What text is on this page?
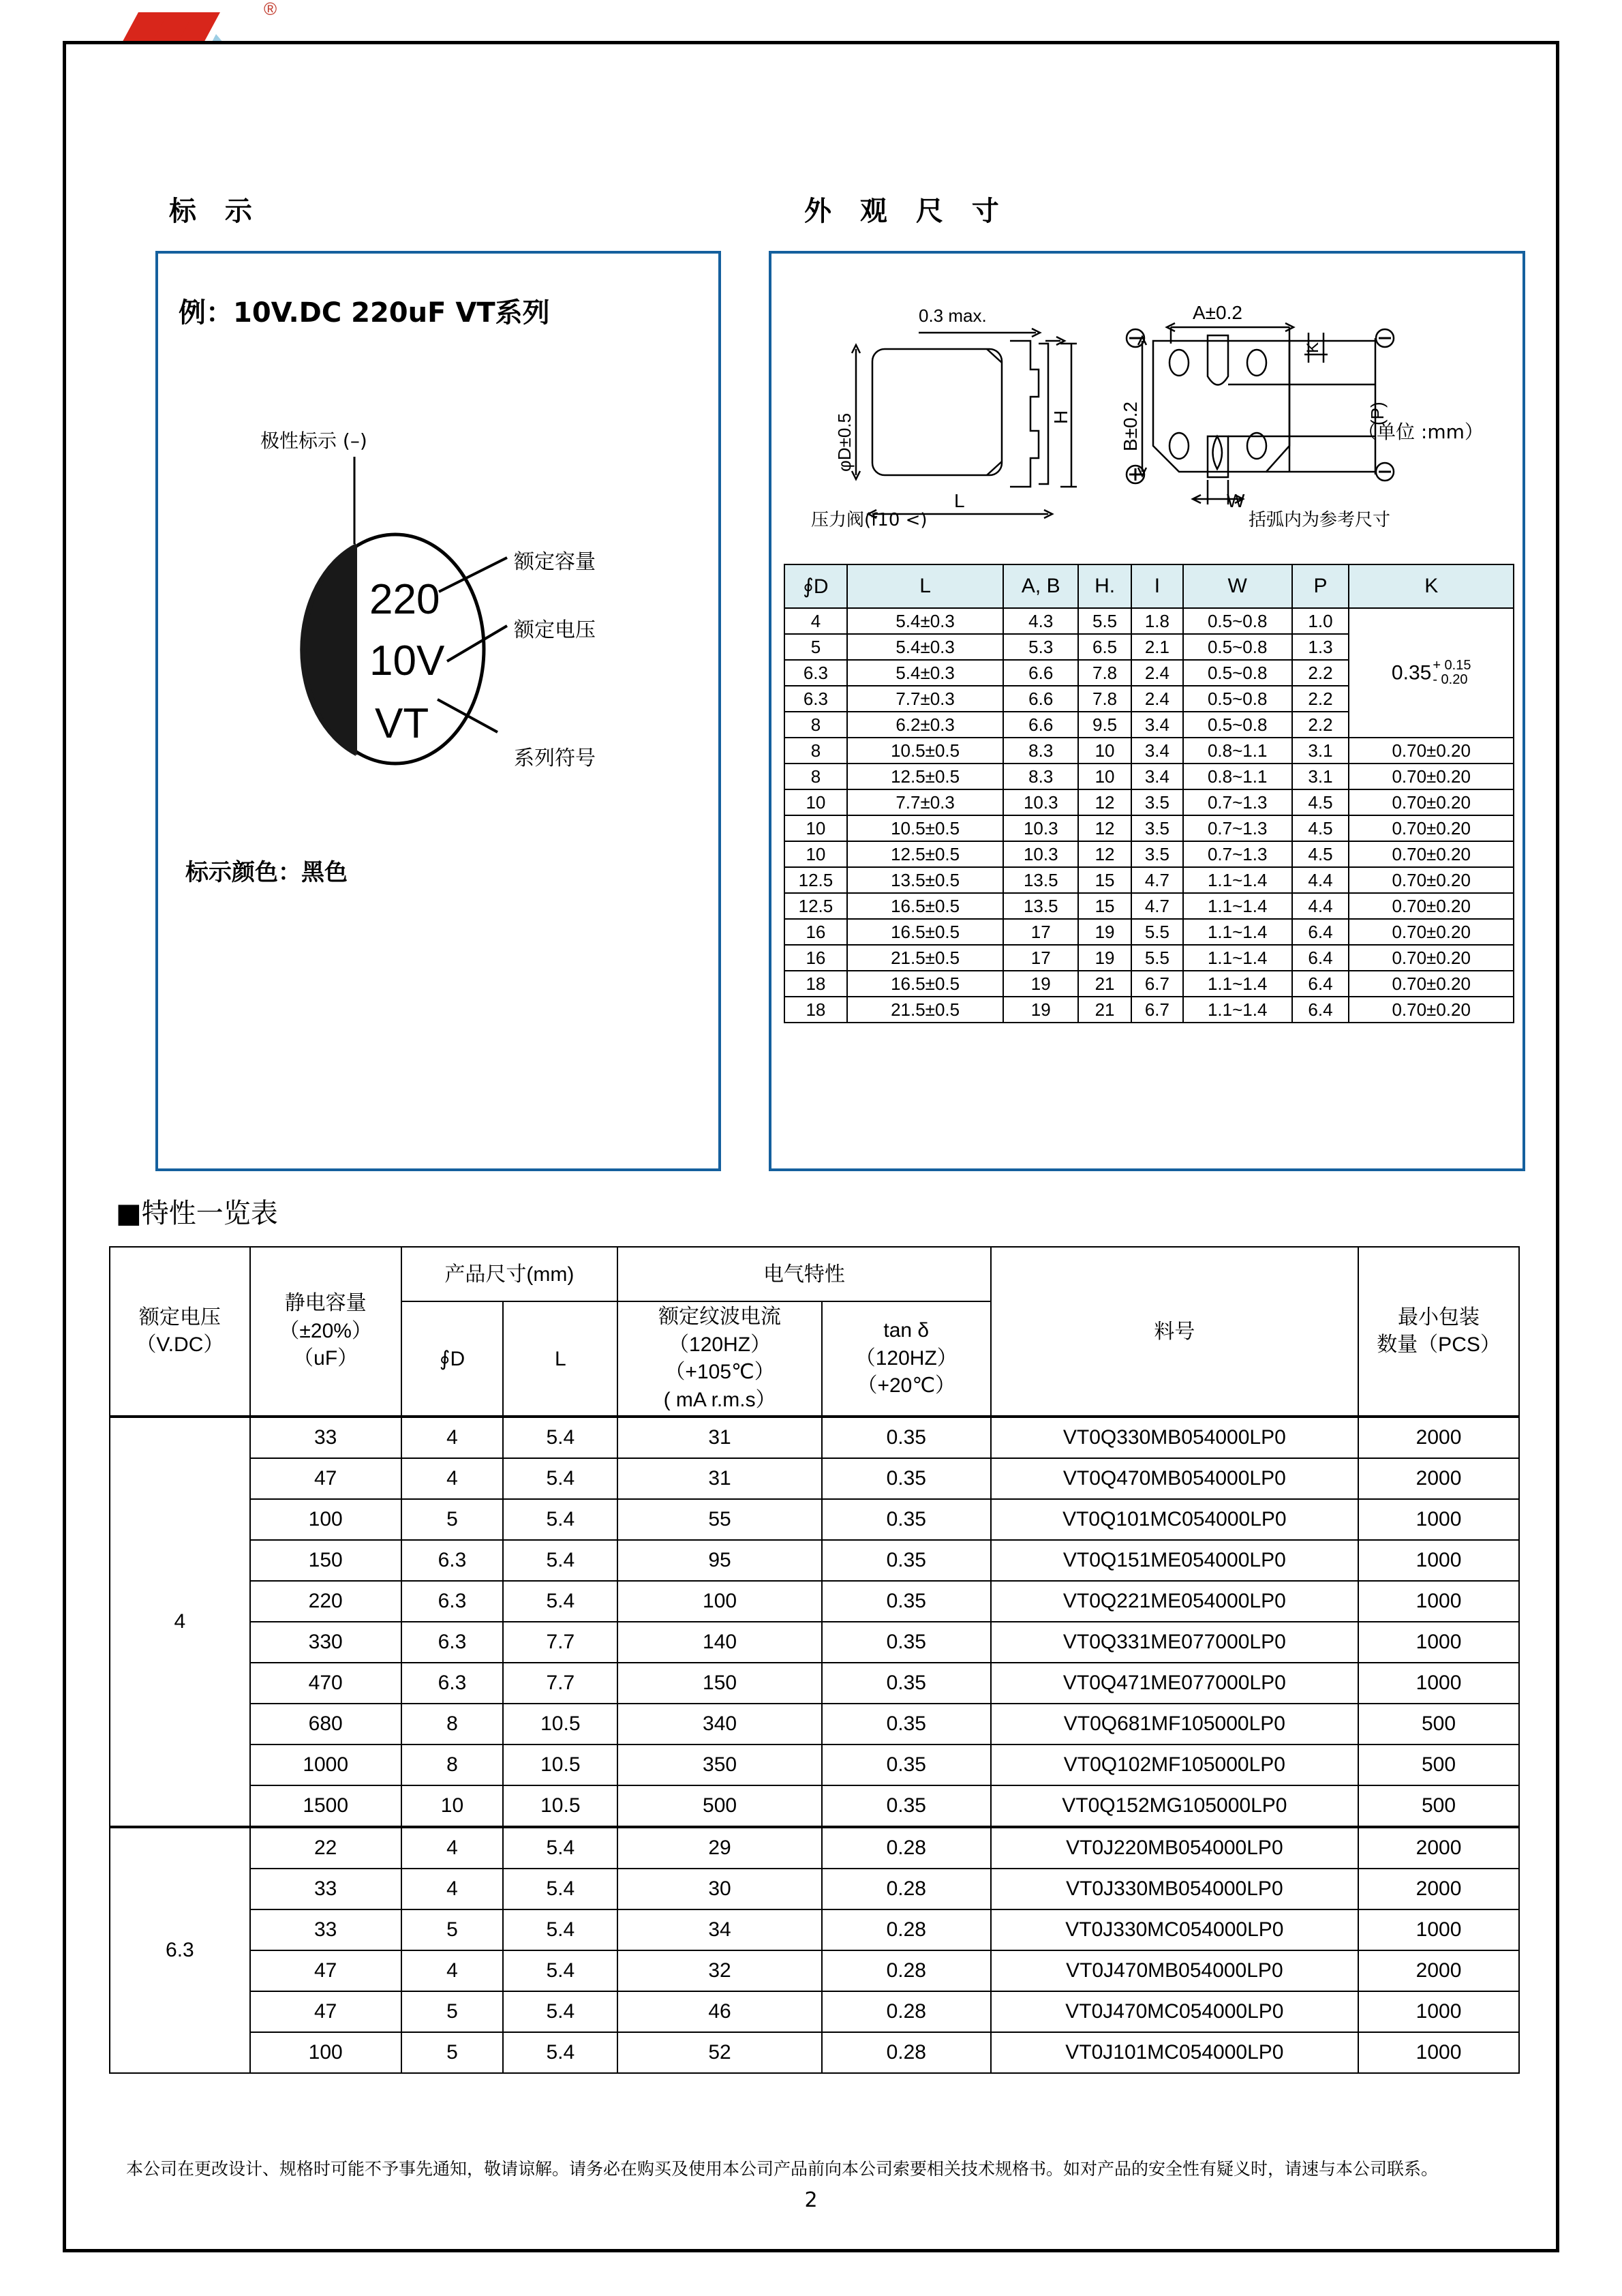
®
标 示	外 观 尺 寸
例：10V.DC 220uF VT系列
极性标示 (–)
220
10V
VT
额定容量
额定电压
系列符号
标示颜色：黑色
0.3 max.
φD±0.5
L
H
A±0.2
B±0.2
W
(P)
K
（单位 :mm）
压力阀(f10 <)	括弧内为参考尺寸
∮D	L	A, B	H.	I	W	P	K
4	5.4±0.3	4.3	5.5	1.8	0.5~0.8	1.0	0.35 + 0.15
- 0.20

5	5.4±0.3	5.3	6.5	2.1	0.5~0.8	1.3	
6.3	5.4±0.3	6.6	7.8	2.4	0.5~0.8	2.2	
6.3	7.7±0.3	6.6	7.8	2.4	0.5~0.8	2.2	
8	6.2±0.3	6.6	9.5	3.4	0.5~0.8	2.2	
8	10.5±0.5	8.3	10	3.4	0.8~1.1	3.1	0.70±0.20
8	12.5±0.5	8.3	10	3.4	0.8~1.1	3.1	0.70±0.20
10	7.7±0.3	10.3	12	3.5	0.7~1.3	4.5	0.70±0.20
10	10.5±0.5	10.3	12	3.5	0.7~1.3	4.5	0.70±0.20
10	12.5±0.5	10.3	12	3.5	0.7~1.3	4.5	0.70±0.20
12.5	13.5±0.5	13.5	15	4.7	1.1~1.4	4.4	0.70±0.20
12.5	16.5±0.5	13.5	15	4.7	1.1~1.4	4.4	0.70±0.20
16	16.5±0.5	17	19	5.5	1.1~1.4	6.4	0.70±0.20
16	21.5±0.5	17	19	5.5	1.1~1.4	6.4	0.70±0.20
18	16.5±0.5	19	21	6.7	1.1~1.4	6.4	0.70±0.20
18	21.5±0.5	19	21	6.7	1.1~1.4	6.4	0.70±0.20
■特性一览表
额定电压
（V.DC）	静电容量
（±20%）
（uF）	产品尺寸(mm)		电气特性		料号	最小包装
数量（PCS）

		∮D	L	额定纹波电流
（120HZ）
（+105℃）
( mA r.m.s）	tan δ
（120HZ）
（+20℃）		

4	33	4	5.4	31	0.35	VT0Q330MB054000LP0	2000
	47	4	5.4	31	0.35	VT0Q470MB054000LP0	2000
	100	5	5.4	55	0.35	VT0Q101MC054000LP0	1000
	150	6.3	5.4	95	0.35	VT0Q151ME054000LP0	1000
	220	6.3	5.4	100	0.35	VT0Q221ME054000LP0	1000
	330	6.3	7.7	140	0.35	VT0Q331ME077000LP0	1000
	470	6.3	7.7	150	0.35	VT0Q471ME077000LP0	1000
	680	8	10.5	340	0.35	VT0Q681MF105000LP0	500
	1000	8	10.5	350	0.35	VT0Q102MF105000LP0	500
	1500	10	10.5	500	0.35	VT0Q152MG105000LP0	500
6.3	22	4	5.4	29	0.28	VT0J220MB054000LP0	2000
	33	4	5.4	30	0.28	VT0J330MB054000LP0	2000
	33	5	5.4	34	0.28	VT0J330MC054000LP0	1000
	47	4	5.4	32	0.28	VT0J470MB054000LP0	2000
	47	5	5.4	46	0.28	VT0J470MC054000LP0	1000
	100	5	5.4	52	0.28	VT0J101MC054000LP0	1000
本公司在更改设计、规格时可能不予事先通知，敬请谅解。请务必在购买及使用本公司产品前向本公司索要相关技术规格书。如对产品的安全性有疑义时，请速与本公司联系。
2
